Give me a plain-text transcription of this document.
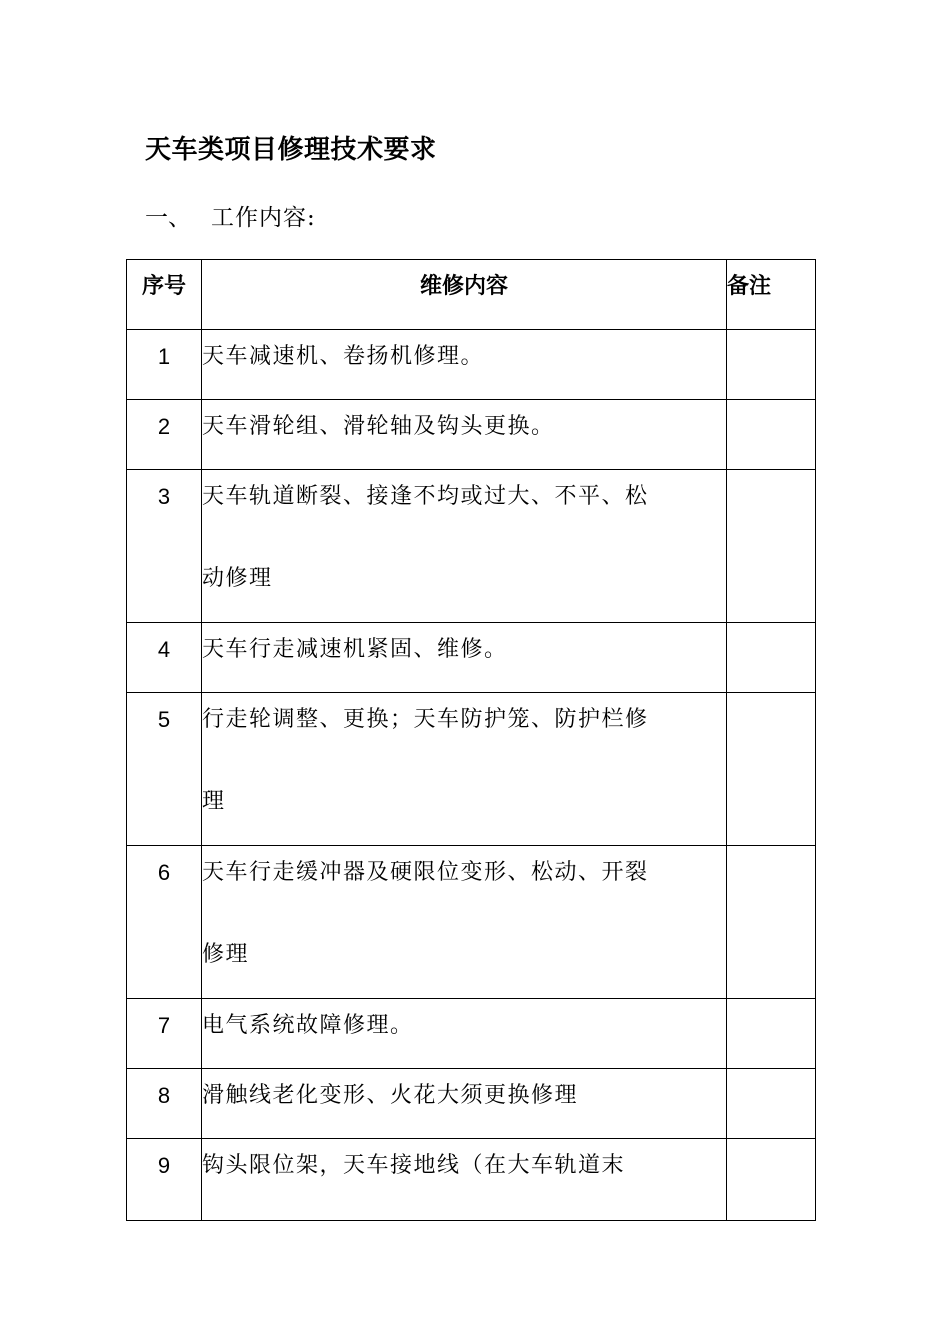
天车类项目修理技术要求
一、 工作内容:
序号	维修内容	备注
1	天车减速机、卷扬机修理。	
2	天车滑轮组、滑轮轴及钩头更换。	
3	天车轨道断裂、接逢不均或过大、不平、松
动修理	
4	天车行走减速机紧固、维修。	
5	行走轮调整、更换；天车防护笼、防护栏修
理	
6	天车行走缓冲器及硬限位变形、松动、开裂
修理	
7	电气系统故障修理。	
8	滑触线老化变形、火花大须更换修理	
9	钩头限位架，天车接地线（在大车轨道末	
